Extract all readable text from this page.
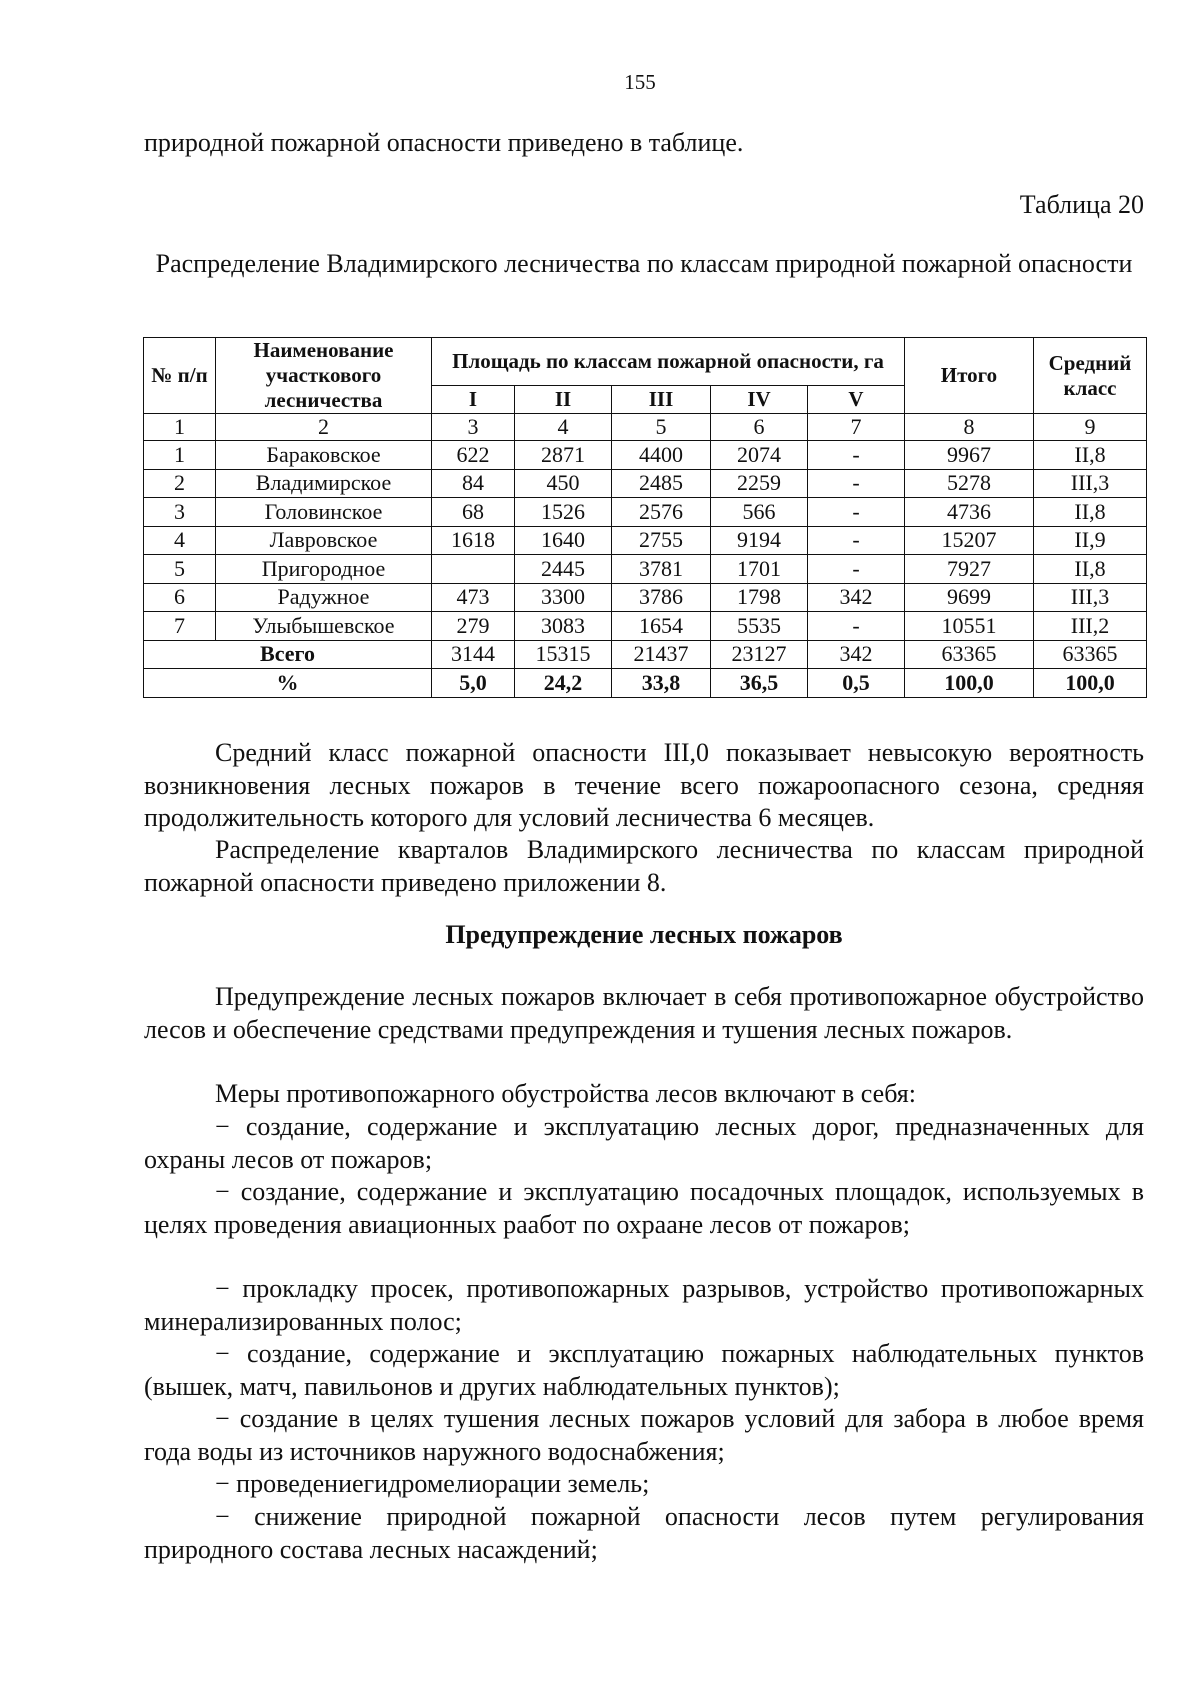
155
природной пожарной опасности приведено в таблице.
Таблица 20
Распределение Владимирского лесничества по классам природной пожарной опасности
№ п/п	Наименование участкового лесничества	Площадь по классам пожарной опасности, га					Итого	Средний класс
		I	II	III	IV	V		
1	2	3	4	5	6	7	8	9
1	Бараковское	622	2871	4400	2074	-	9967	II,8
2	Владимирское	84	450	2485	2259	-	5278	III,3
3	Головинское	68	1526	2576	566	-	4736	II,8
4	Лавровское	1618	1640	2755	9194	-	15207	II,9
5	Пригородное		2445	3781	1701	-	7927	II,8
6	Радужное	473	3300	3786	1798	342	9699	III,3
7	Улыбышевское	279	3083	1654	5535	-	10551	III,2
Всего		3144	15315	21437	23127	342	63365	63365
%		5,0	24,2	33,8	36,5	0,5	100,0	100,0

Средний класс пожарной опасности III,0 показывает невысокую вероятность возникновения лесных пожаров в течение всего пожароопасного сезона, средняя продолжительность которого для условий лесничества 6 месяцев.

Распределение кварталов Владимирского лесничества по классам природной пожарной опасности приведено приложении 8.

Предупреждение лесных пожаров

Предупреждение лесных пожаров включает в себя противопожарное обустройство лесов и обеспечение средствами предупреждения и тушения лесных пожаров.

Меры противопожарного обустройства лесов включают в себя:

− создание, содержание и эксплуатацию лесных дорог, предназначенных для охраны лесов от пожаров;

− создание, содержание и эксплуатацию посадочных площадок, используемых в целях проведения авиационных раабот по охраане лесов от пожаров;

− прокладку просек, противопожарных разрывов, устройство противопожарных минерализированных полос;

− создание, содержание и эксплуатацию пожарных наблюдательных пунктов (вышек, матч, павильонов и других наблюдательных пунктов);

− создание в целях тушения лесных пожаров условий для забора в любое время года воды из источников наружного водоснабжения;

− проведениегидромелиорации земель;

− снижение природной пожарной опасности лесов путем регулирования природного состава лесных насаждений;
